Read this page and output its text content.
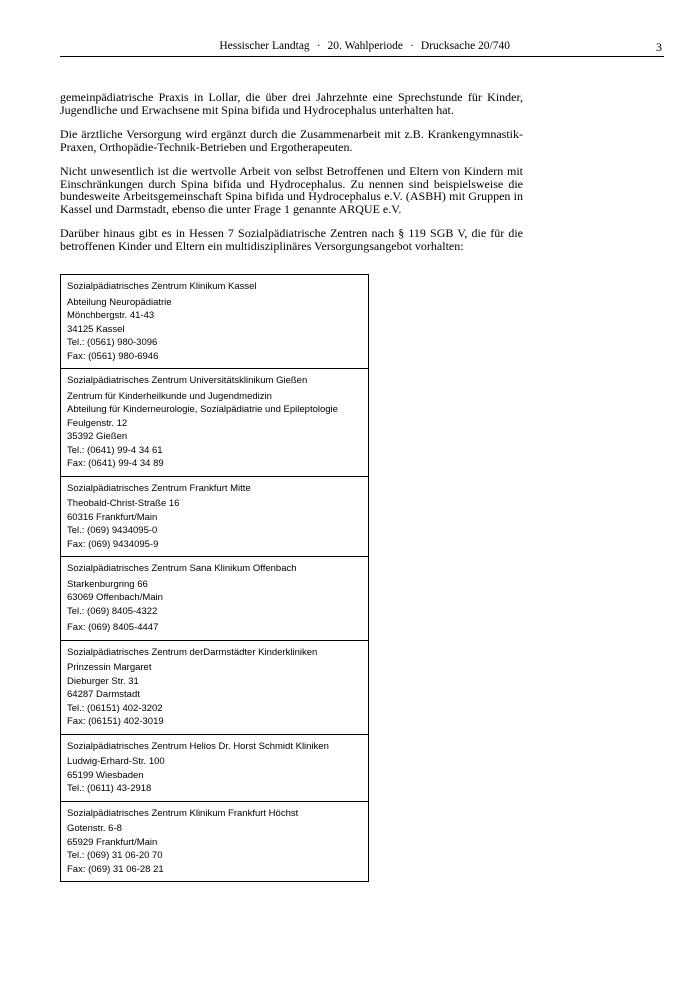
Hessischer Landtag · 20. Wahlperiode · Drucksache 20/740	3

gemeinpädiatrische Praxis in Lollar, die über drei Jahrzehnte eine Sprechstunde für Kinder, Jugendliche und Erwachsene mit Spina bifida und Hydrocephalus unterhalten hat.

Die ärztliche Versorgung wird ergänzt durch die Zusammenarbeit mit z.B. Krankengymnastik-Praxen, Orthopädie-Technik-Betrieben und Ergotherapeuten.

Nicht unwesentlich ist die wertvolle Arbeit von selbst Betroffenen und Eltern von Kindern mit Einschränkungen durch Spina bifida und Hydrocephalus. Zu nennen sind beispielsweise die bundesweite Arbeitsgemeinschaft Spina bifida und Hydrocephalus e.V. (ASBH) mit Gruppen in Kassel und Darmstadt, ebenso die unter Frage 1 genannte ARQUE e.V.

Darüber hinaus gibt es in Hessen 7 Sozialpädiatrische Zentren nach § 119 SGB V, die für die betroffenen Kinder und Eltern ein multidisziplinäres Versorgungsangebot vorhalten:

Sozialpädiatrisches Zentrum Klinikum Kassel
Abteilung Neuropädiatrie
Mönchbergstr. 41-43
34125 Kassel
Tel.: (0561) 980-3096
Fax: (0561) 980-6946
Sozialpädiatrisches Zentrum Universitätsklinikum Gießen
Zentrum für Kinderheilkunde und Jugendmedizin
Abteilung für Kinderneurologie, Sozialpädiatrie und Epileptologie
Feulgenstr. 12
35392 Gießen
Tel.: (0641) 99-4 34 61
Fax: (0641) 99-4 34 89
Sozialpädiatrisches Zentrum Frankfurt Mitte
Theobald-Christ-Straße 16
60316 Frankfurt/Main
Tel.: (069) 9434095-0
Fax: (069) 9434095-9
Sozialpädiatrisches Zentrum Sana Klinikum Offenbach
Starkenburgring 66
63069 Offenbach/Main
Tel.: (069) 8405-4322
Fax: (069) 8405-4447
Sozialpädiatrisches Zentrum derDarmstädter Kinderkliniken
Prinzessin Margaret
Dieburger Str. 31
64287 Darmstadt
Tel.: (06151) 402-3202
Fax: (06151) 402-3019
Sozialpädiatrisches Zentrum Helios Dr. Horst Schmidt Kliniken
Ludwig-Erhard-Str. 100
65199 Wiesbaden
Tel.: (0611) 43-2918
Sozialpädiatrisches Zentrum Klinikum Frankfurt Höchst
Gotenstr. 6-8
65929 Frankfurt/Main
Tel.: (069) 31 06-20 70
Fax: (069) 31 06-28 21
